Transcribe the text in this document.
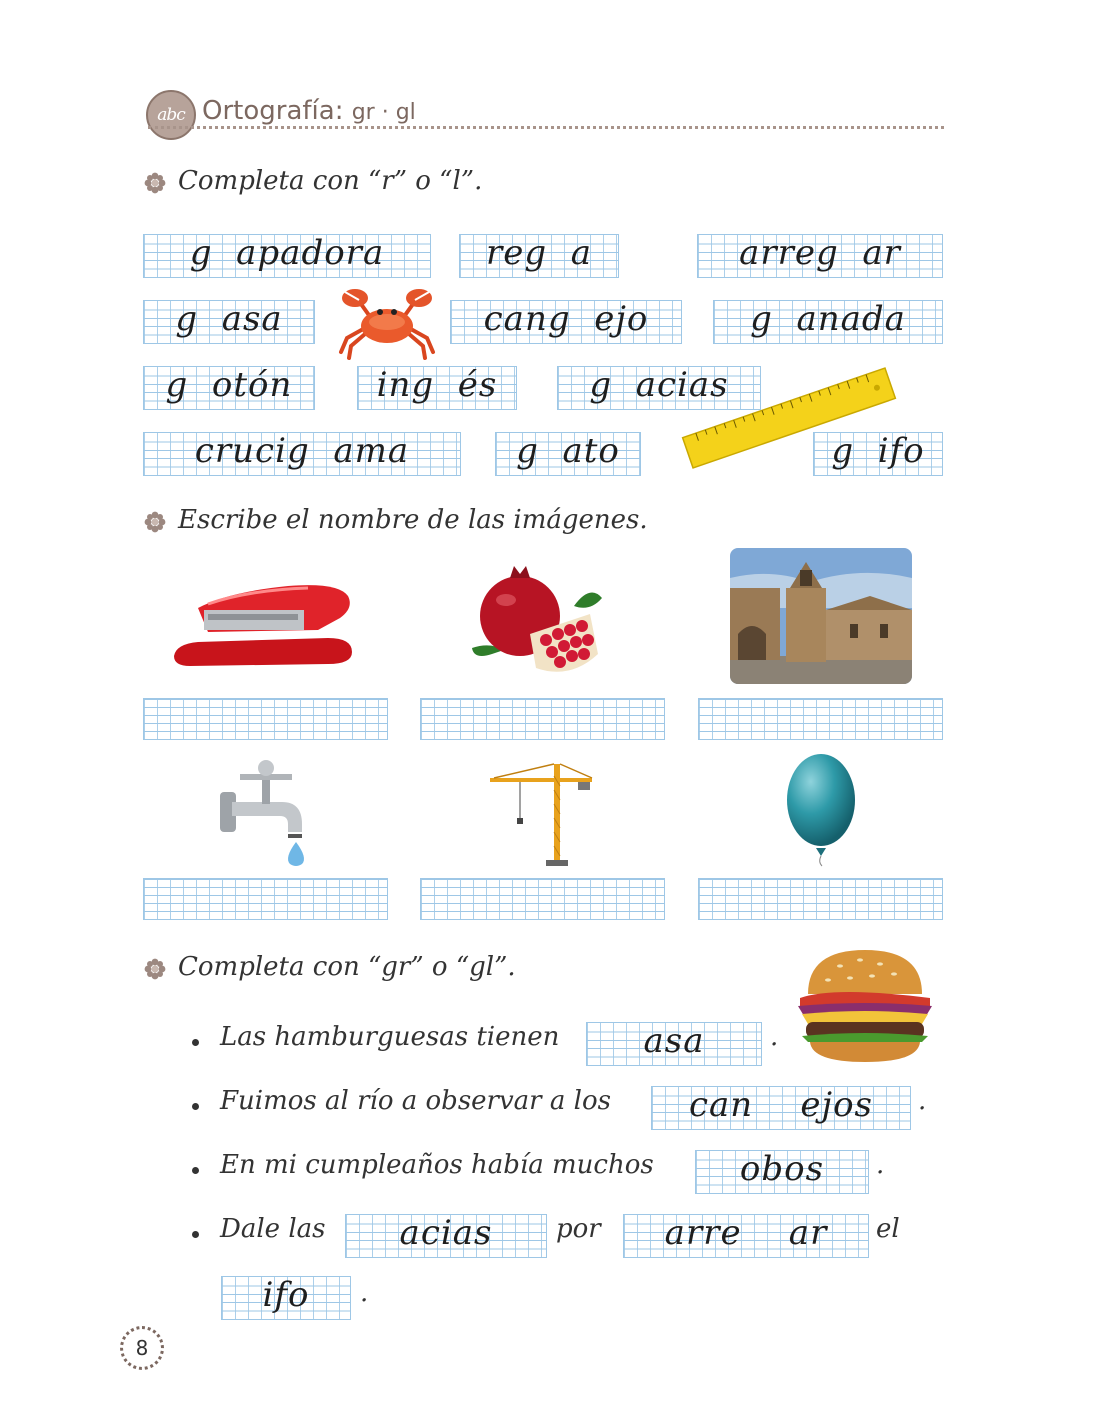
abc Ortografía: gr · gl
Completa con “r” o “l”.
g  apadora	reg  a	arreg  ar
g  asa	cang  ejo	g  anada
g  otón	ing  és	g  acias
crucig  ama	g  ato	g  ifo
Escribe el nombre de las imágenes.
Completa con “gr” o “gl”.
Las hamburguesas tienen	asa	.
Fuimos al río a observar a los	can    ejos	.
En mi cumpleaños había muchos	obos	.
Dale las	acias	por	arre    ar	el
ifo	.
8
